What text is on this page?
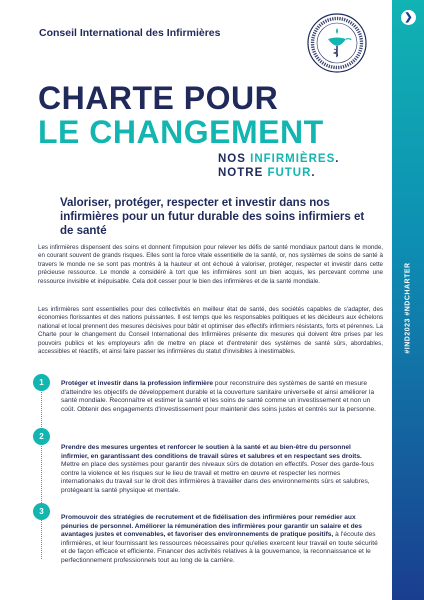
Conseil International des Infirmières
CHARTE POUR
LE CHANGEMENT
NOS INFIRMIÈRES.
NOTRE FUTUR.
Valoriser, protéger, respecter et investir dans nos infirmières pour un futur durable des soins infirmiers et de santé

Les infirmières dispensent des soins et donnent l'impulsion pour relever les défis de santé mondiaux partout dans le monde, en courant souvent de grands risques. Elles sont la force vitale essentielle de la santé, or, nos systèmes de soins de santé à travers le monde ne se sont pas montrés à la hauteur et ont échoué à valoriser, protéger, respecter et investir dans cette précieuse ressource. Le monde a considéré à tort que les infirmières sont un bien acquis, les percevant comme une ressource invisible et inépuisable. Cela doit cesser pour le bien des infirmières et de la santé mondiale.

Les infirmières sont essentielles pour des collectivités en meilleur état de santé, des sociétés capables de s'adapter, des économies florissantes et des nations puissantes. Il est temps que les responsables politiques et les décideurs aux échelons national et local prennent des mesures décisives pour bâtir et optimiser des effectifs infirmiers résistants, forts et pérennes. La Charte pour le changement du Conseil International des Infirmières présente dix mesures qui doivent être prises par les pouvoirs publics et les employeurs afin de mettre en place et d'entretenir des systèmes de santé sûrs, abordables, accessibles et réactifs, et ainsi faire passer les infirmières du statut d'invisibles à inestimables.

1
2
3

Protéger et investir dans la profession infirmière pour reconstruire des systèmes de santé en mesure d'atteindre les objectifs de développement durable et la couverture sanitaire universelle et ainsi améliorer la santé mondiale. Reconnaître et estimer la santé et les soins de santé comme un investissement et non un coût. Obtenir des engagements d'investissement pour maintenir des soins justes et centrés sur la personne.

Prendre des mesures urgentes et renforcer le soutien à la santé et au bien-être du personnel infirmier, en garantissant des conditions de travail sûres et salubres et en respectant ses droits. Mettre en place des systèmes pour garantir des niveaux sûrs de dotation en effectifs. Poser des garde-fous contre la violence et les risques sur le lieu de travail et mettre en œuvre et respecter les normes internationales du travail sur le droit des infirmières à travailler dans des environnements sûrs et salubres, protégeant la santé physique et mentale.

Promouvoir des stratégies de recrutement et de fidélisation des infirmières pour remédier aux pénuries de personnel. Améliorer la rémunération des infirmières pour garantir un salaire et des avantages justes et convenables, et favoriser des environnements de pratique positifs, à l'écoute des infirmières, et leur fournissant les ressources nécessaires pour qu'elles exercent leur travail en toute sécurité et de façon efficace et efficiente. Financer des activités relatives à la gouvernance, la reconnaissance et le perfectionnement professionnels tout au long de la carrière.

❯
#IND2023 #NDCHARTER
